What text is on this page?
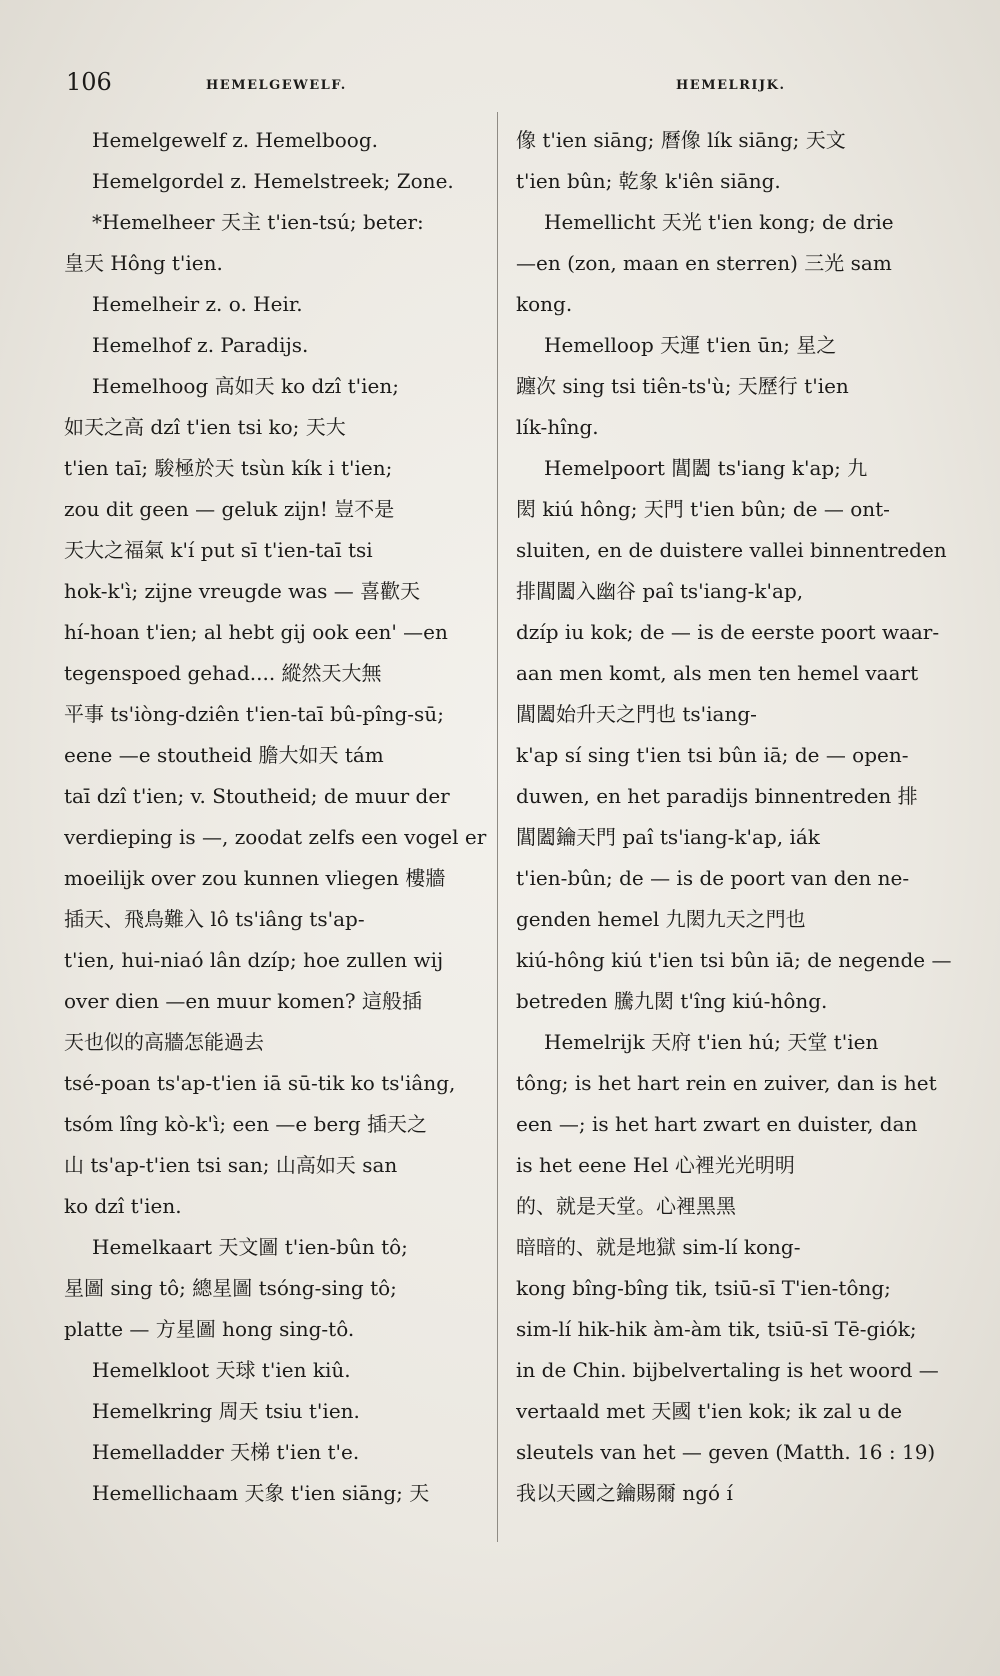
106	HEMELGEWELF.	HEMELRIJK.
Hemelgewelf z. Hemelboog.
Hemelgordel z. Hemelstreek; Zone.
*Hemelheer 天主 t'ien-tsú; beter:
皇天 Hông t'ien.
Hemelheir z. o. Heir.
Hemelhof z. Paradijs.
Hemelhoog 高如天 ko dzî t'ien;
如天之高 dzî t'ien tsi ko; 天大
t'ien taī; 駿極於天 tsùn kík i t'ien;
zou dit geen — geluk zijn! 豈不是
天大之福氣 k'í put sī t'ien-taī tsi
hok-k'ì; zijne vreugde was — 喜歡天
hí-hoan t'ien; al hebt gij ook een' —en
tegenspoed gehad.... 縱然天大無
平事 ts'iòng-dziên t'ien-taī bû-pîng-sū;
eene —e stoutheid 膽大如天 tám
taī dzî t'ien; v. Stoutheid; de muur der
verdieping is —, zoodat zelfs een vogel er
moeilijk over zou kunnen vliegen 樓牆
插天、飛鳥難入 lô ts'iâng ts'ap-
t'ien, hui-niaó lân dzíp; hoe zullen wij
over dien —en muur komen? 這般插
天也似的高牆怎能過去
tsé-poan ts'ap-t'ien iā sū-tik ko ts'iâng,
tsóm lîng kò-k'ì; een —e berg 插天之
山 ts'ap-t'ien tsi san; 山高如天 san
ko dzî t'ien.
Hemelkaart 天文圖 t'ien-bûn tô;
星圖 sing tô; 總星圖 tsóng-sing tô;
platte — 方星圖 hong sing-tô.
Hemelkloot 天球 t'ien kiû.
Hemelkring 周天 tsiu t'ien.
Hemelladder 天梯 t'ien t'e.
Hemellichaam 天象 t'ien siāng; 天
像 t'ien siāng; 曆像 lík siāng; 天文
t'ien bûn; 乾象 k'iên siāng.
Hemellicht 天光 t'ien kong; de drie
—en (zon, maan en sterren) 三光 sam
kong.
Hemelloop 天運 t'ien ūn; 星之
躔次 sing tsi tiên-ts'ù; 天歷行 t'ien
lík-hîng.
Hemelpoort 閶闔 ts'iang k'ap; 九
閎 kiú hông; 天門 t'ien bûn; de — ont-
sluiten, en de duistere vallei binnentreden
排閶闔入幽谷 paî ts'iang-k'ap,
dzíp iu kok; de — is de eerste poort waar-
aan men komt, als men ten hemel vaart
閶闔始升天之門也 ts'iang-
k'ap sí sing t'ien tsi bûn iā; de — open-
duwen, en het paradijs binnentreden 排
閶闔鑰天門 paî ts'iang-k'ap, iák
t'ien-bûn; de — is de poort van den ne-
genden hemel 九閎九天之門也
kiú-hông kiú t'ien tsi bûn iā; de negende —
betreden 騰九閎 t'îng kiú-hông.
Hemelrijk 天府 t'ien hú; 天堂 t'ien
tông; is het hart rein en zuiver, dan is het
een —; is het hart zwart en duister, dan
is het eene Hel 心裡光光明明
的、就是天堂。心裡黑黑
暗暗的、就是地獄 sim-lí kong-
kong bîng-bîng tik, tsiū-sī T'ien-tông;
sim-lí hik-hik àm-àm tik, tsiū-sī Tē-giók;
in de Chin. bijbelvertaling is het woord —
vertaald met 天國 t'ien kok; ik zal u de
sleutels van het — geven (Matth. 16 : 19)
我以天國之鑰賜爾 ngó í
